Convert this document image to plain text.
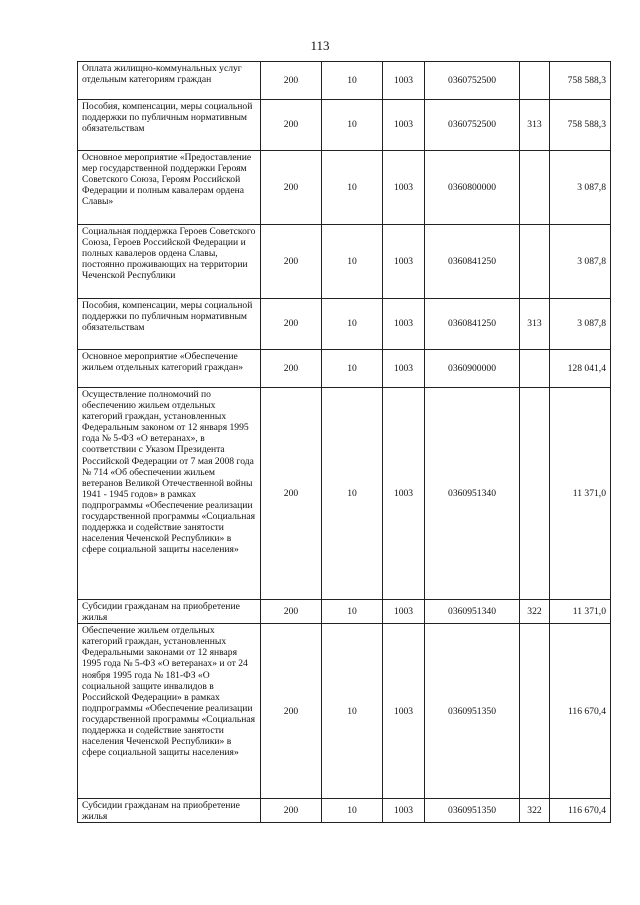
113
Оплата жилищно-коммунальных услуг отдельным категориям граждан	200	10	1003	0360752500		758 588,3
Пособия, компенсации, меры социальной поддержки по публичным нормативным обязательствам	200	10	1003	0360752500	313	758 588,3
Основное мероприятие «Предоставление мер государственной поддержки Героям Советского Союза, Героям Российской Федерации и полным кавалерам ордена Славы»	200	10	1003	0360800000		3 087,8
Социальная поддержка Героев Советского Союза, Героев Российской Федерации и полных кавалеров ордена Славы, постоянно проживающих на территории Чеченской Республики	200	10	1003	0360841250		3 087,8
Пособия, компенсации, меры социальной поддержки по публичным нормативным обязательствам	200	10	1003	0360841250	313	3 087,8
Основное мероприятие «Обеспечение жильем отдельных категорий граждан»	200	10	1003	0360900000		128 041,4
Осуществление полномочий по обеспечению жильем отдельных категорий граждан, установленных Федеральным законом от 12 января 1995 года № 5-ФЗ «О ветеранах», в соответствии с Указом Президента Российской Федерации от 7 мая 2008 года № 714 «Об обеспечении жильем ветеранов Великой Отечественной войны 1941 - 1945 годов» в рамках подпрограммы «Обеспечение реализации государственной программы «Социальная поддержка и содействие занятости населения Чеченской Республики» в сфере социальной защиты населения»	200	10	1003	0360951340		11 371,0
Субсидии гражданам на приобретение жилья	200	10	1003	0360951340	322	11 371,0
Обеспечение жильем отдельных категорий граждан, установленных Федеральными законами от 12 января 1995 года № 5-ФЗ «О ветеранах» и от 24 ноября 1995 года № 181-ФЗ «О социальной защите инвалидов в Российской Федерации» в рамках подпрограммы «Обеспечение реализации государственной программы «Социальная поддержка и содействие занятости населения Чеченской Республики» в сфере социальной защиты населения»	200	10	1003	0360951350		116 670,4
Субсидии гражданам на приобретение жилья	200	10	1003	0360951350	322	116 670,4
